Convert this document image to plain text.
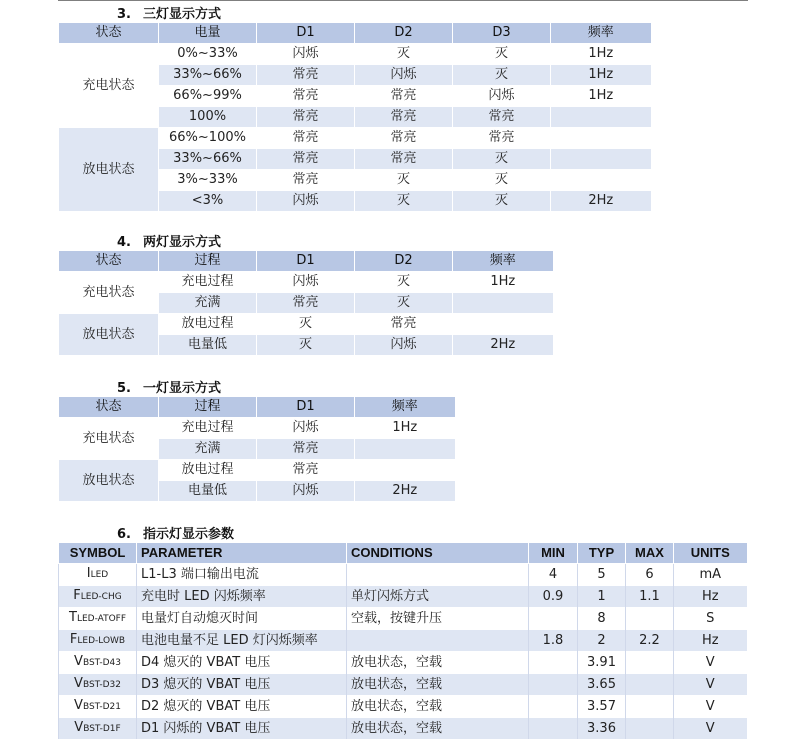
3. 三灯显示方式
状态	电量	D1	D2	D3	频率
充电状态	0%~33%	闪烁	灭	灭	1Hz
	33%~66%	常亮	闪烁	灭	1Hz
	66%~99%	常亮	常亮	闪烁	1Hz
	100%	常亮	常亮	常亮	
放电状态	66%~100%	常亮	常亮	常亮	
	33%~66%	常亮	常亮	灭	
	3%~33%	常亮	灭	灭	
	<3%	闪烁	灭	灭	2Hz
4. 两灯显示方式
状态	过程	D1	D2	频率
充电状态	充电过程	闪烁	灭	1Hz
	充满	常亮	灭	
放电状态	放电过程	灭	常亮	
	电量低	灭	闪烁	2Hz
5. 一灯显示方式
状态	过程	D1	频率
充电状态	充电过程	闪烁	1Hz
	充满	常亮	
放电状态	放电过程	常亮	
	电量低	闪烁	2Hz
6. 指示灯显示参数
SYMBOL	PARAMETER	CONDITIONS	MIN	TYP	MAX	UNITS
ILED	L1-L3 端口输出电流		4	5	6	mA
FLED-CHG	充电时 LED 闪烁频率	单灯闪烁方式	0.9	1	1.1	Hz
TLED-ATOFF	电量灯自动熄灭时间	空载，按键升压		8		S
FLED-LOWB	电池电量不足 LED 灯闪烁频率		1.8	2	2.2	Hz
VBST-D43	D4 熄灭的 VBAT 电压	放电状态，空载		3.91		V
VBST-D32	D3 熄灭的 VBAT 电压	放电状态，空载		3.65		V
VBST-D21	D2 熄灭的 VBAT 电压	放电状态，空载		3.57		V
VBST-D1F	D1 闪烁的 VBAT 电压	放电状态，空载		3.36		V
